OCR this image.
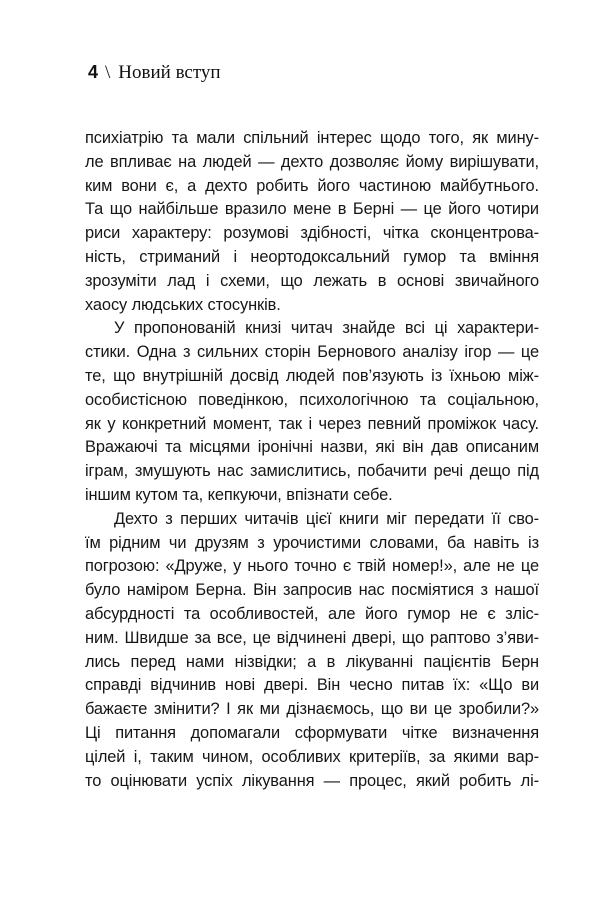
4 \ Новий вступ
психіатрію та мали спільний інтерес щодо того, як мину-
ле впливає на людей — дехто дозволяє йому вирішувати,
ким вони є, а дехто робить його частиною майбутнього.
Та що найбільше вразило мене в Берні — це його чотири
риси характеру: розумові здібності, чітка сконцентрова-
ність, стриманий і неортодоксальний гумор та вміння
зрозуміти лад і схеми, що лежать в основі звичайного
хаосу людських стосунків.
У пропонованій книзі читач знайде всі ці характери-
стики. Одна з сильних сторін Бернового аналізу ігор — це
те, що внутрішній досвід людей пов’язують із їхньою між-
особистісною поведінкою, психологічною та соціальною,
як у конкретний момент, так і через певний проміжок часу.
Вражаючі та місцями іронічні назви, які він дав описаним
іграм, змушують нас замислитись, побачити речі дещо під
іншим кутом та, кепкуючи, впізнати себе.
Дехто з перших читачів цієї книги міг передати її сво-
їм рідним чи друзям з урочистими словами, ба навіть із
погрозою: «Друже, у нього точно є твій номер!», але не це
було наміром Берна. Він запросив нас посміятися з нашої
абсурдності та особливостей, але його гумор не є зліс-
ним. Швидше за все, це відчинені двері, що раптово з’яви-
лись перед нами нізвідки; а в лікуванні пацієнтів Берн
справді відчинив нові двері. Він чесно питав їх: «Що ви
бажаєте змінити? І як ми дізнаємось, що ви це зробили?»
Ці питання допомагали сформувати чітке визначення
цілей і, таким чином, особливих критеріїв, за якими вар-
то оцінювати успіх лікування — процес, який робить лі-
